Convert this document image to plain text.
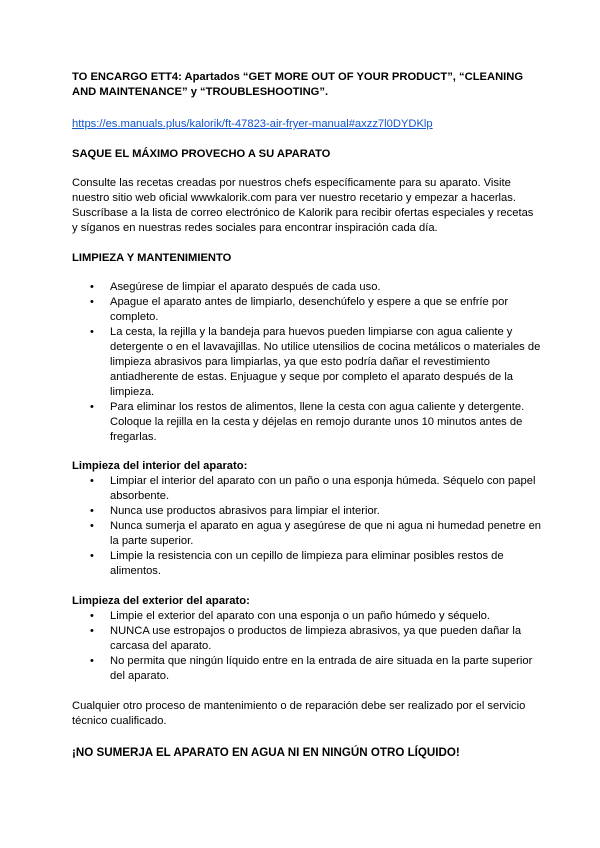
TO ENCARGO ETT4: Apartados “GET MORE OUT OF YOUR PRODUCT”, “CLEANING AND MAINTENANCE” y “TROUBLESHOOTING”.

https://es.manuals.plus/kalorik/ft-47823-air-fryer-manual#axzz7l0DYDKlp

SAQUE EL MÁXIMO PROVECHO A SU APARATO

Consulte las recetas creadas por nuestros chefs específicamente para su aparato. Visite nuestro sitio web oficial wwwkalorik.com para ver nuestro recetario y empezar a hacerlas. Suscríbase a la lista de correo electrónico de Kalorik para recibir ofertas especiales y recetas y síganos en nuestras redes sociales para encontrar inspiración cada día.

LIMPIEZA Y MANTENIMIENTO

• Asegúrese de limpiar el aparato después de cada uso.
• Apague el aparato antes de limpiarlo, desenchúfelo y espere a que se enfríe por completo.
• La cesta, la rejilla y la bandeja para huevos pueden limpiarse con agua caliente y detergente o en el lavavajillas. No utilice utensilios de cocina metálicos o materiales de limpieza abrasivos para limpiarlas, ya que esto podría dañar el revestimiento antiadherente de estas. Enjuague y seque por completo el aparato después de la limpieza.
• Para eliminar los restos de alimentos, llene la cesta con agua caliente y detergente. Coloque la rejilla en la cesta y déjelas en remojo durante unos 10 minutos antes de fregarlas.

Limpieza del interior del aparato:

• Limpiar el interior del aparato con un paño o una esponja húmeda. Séquelo con papel absorbente.
• Nunca use productos abrasivos para limpiar el interior.
• Nunca sumerja el aparato en agua y asegúrese de que ni agua ni humedad penetre en la parte superior.
• Limpie la resistencia con un cepillo de limpieza para eliminar posibles restos de alimentos.

Limpieza del exterior del aparato:

• Limpie el exterior del aparato con una esponja o un paño húmedo y séquelo.
• NUNCA use estropajos o productos de limpieza abrasivos, ya que pueden dañar la carcasa del aparato.
• No permita que ningún líquido entre en la entrada de aire situada en la parte superior del aparato.

Cualquier otro proceso de mantenimiento o de reparación debe ser realizado por el servicio técnico cualificado.

¡NO SUMERJA EL APARATO EN AGUA NI EN NINGÚN OTRO LÍQUIDO!
